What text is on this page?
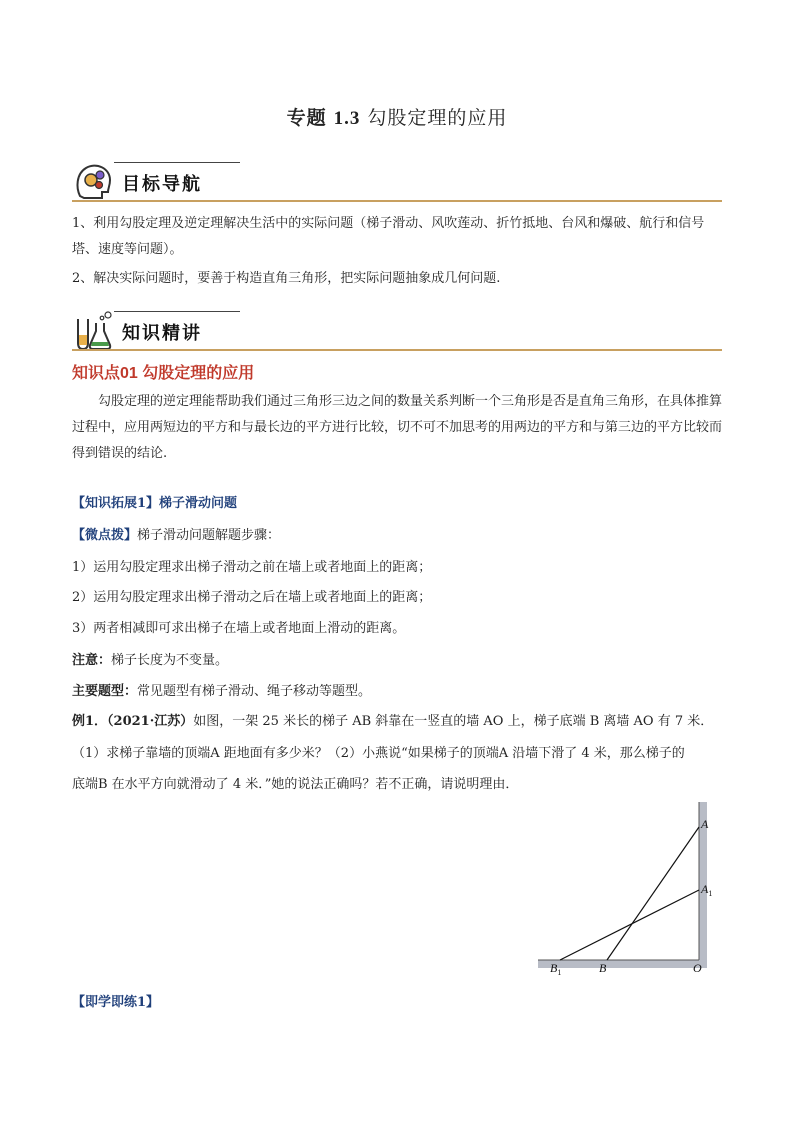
专题 1.3 勾股定理的应用
目标导航
1、利用勾股定理及逆定理解决生活中的实际问题（梯子滑动、风吹莲动、折竹抵地、台风和爆破、航行和信号塔、速度等问题）。
2、解决实际问题时，要善于构造直角三角形，把实际问题抽象成几何问题.
知识精讲
知识点01 勾股定理的应用
勾股定理的逆定理能帮助我们通过三角形三边之间的数量关系判断一个三角形是否是直角三角形，在具体推算过程中，应用两短边的平方和与最长边的平方进行比较，切不可不加思考的用两边的平方和与第三边的平方比较而得到错误的结论.
【知识拓展1】梯子滑动问题
【微点拨】梯子滑动问题解题步骤：
1）运用勾股定理求出梯子滑动之前在墙上或者地面上的距离；
2）运用勾股定理求出梯子滑动之后在墙上或者地面上的距离；
3）两者相减即可求出梯子在墙上或者地面上滑动的距离。
注意：梯子长度为不变量。
主要题型：常见题型有梯子滑动、绳子移动等题型。
例1．（2021·江苏）如图，一架 25 米长的梯子 AB 斜靠在一竖直的墙 AO 上，梯子底端 B 离墙 AO 有 7 米．
（1）求梯子靠墙的顶端A 距地面有多少米？（2）小燕说“如果梯子的顶端A 沿墙下滑了 4 米，那么梯子的
底端B 在水平方向就滑动了 4 米．”她的说法正确吗？若不正确，请说明理由．
A
$A_1$
$B_1$	B	O
【即学即练1】
